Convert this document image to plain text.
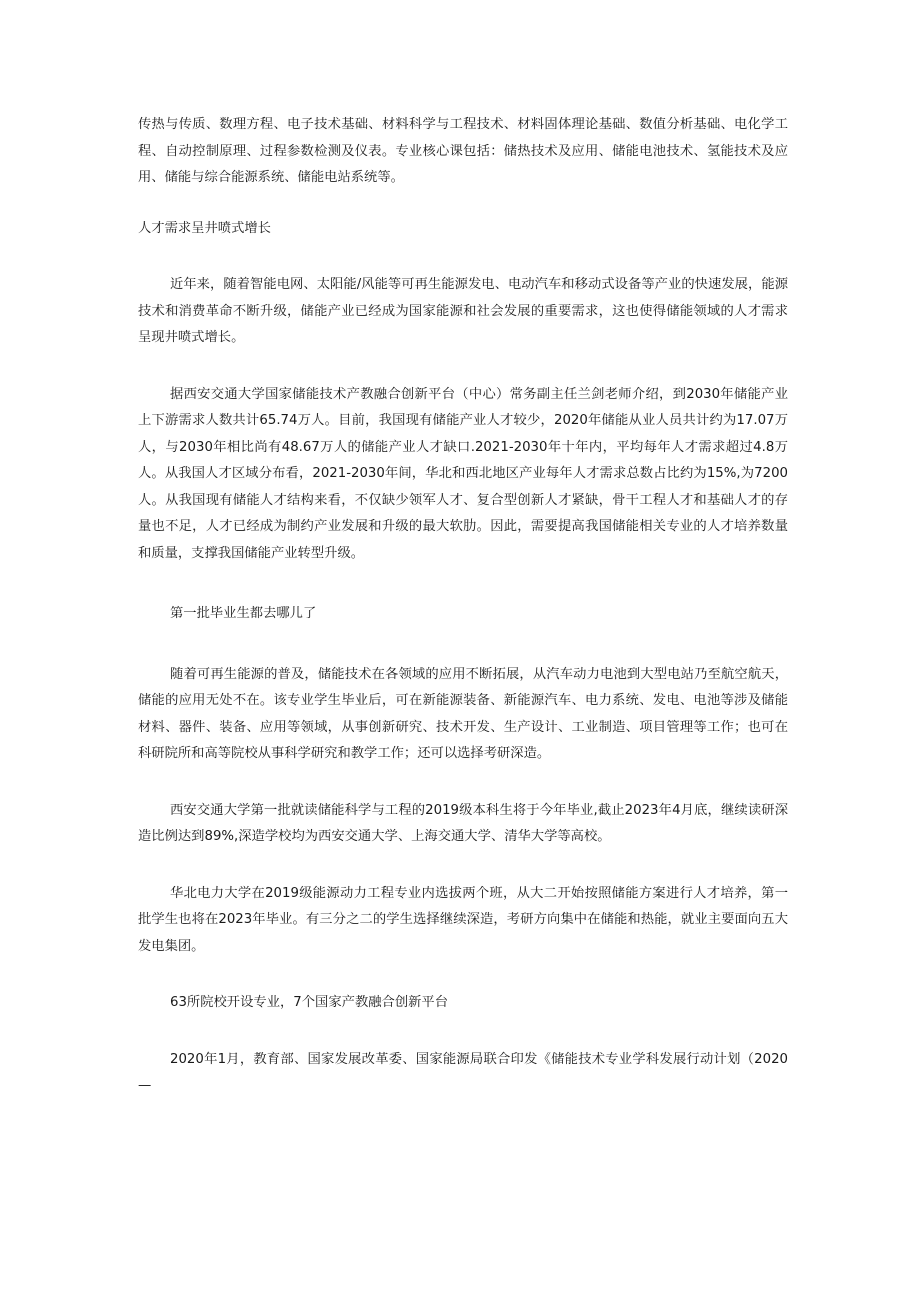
传热与传质、数理方程、电子技术基础、材料科学与工程技术、材料固体理论基础、数值分析基础、电化学工程、自动控制原理、过程参数检测及仪表。专业核心课包括：储热技术及应用、储能电池技术、氢能技术及应用、储能与综合能源系统、储能电站系统等。

人才需求呈井喷式增长

近年来，随着智能电网、太阳能/风能等可再生能源发电、电动汽车和移动式设备等产业的快速发展，能源技术和消费革命不断升级，储能产业已经成为国家能源和社会发展的重要需求，这也使得储能领域的人才需求呈现井喷式增长。

据西安交通大学国家储能技术产教融合创新平台（中心）常务副主任兰剑老师介绍，到2030年储能产业上下游需求人数共计65.74万人。目前，我国现有储能产业人才较少，2020年储能从业人员共计约为17.07万人，与2030年相比尚有48.67万人的储能产业人才缺口.2021-2030年十年内，平均每年人才需求超过4.8万人。从我国人才区域分布看，2021-2030年间，华北和西北地区产业每年人才需求总数占比约为15%,为7200人。从我国现有储能人才结构来看，不仅缺少领军人才、复合型创新人才紧缺，骨干工程人才和基础人才的存量也不足，人才已经成为制约产业发展和升级的最大软肋。因此，需要提高我国储能相关专业的人才培养数量和质量，支撑我国储能产业转型升级。

第一批毕业生都去哪儿了

随着可再生能源的普及，储能技术在各领域的应用不断拓展，从汽车动力电池到大型电站乃至航空航天，储能的应用无处不在。该专业学生毕业后，可在新能源装备、新能源汽车、电力系统、发电、电池等涉及储能材料、器件、装备、应用等领域，从事创新研究、技术开发、生产设计、工业制造、项目管理等工作；也可在科研院所和高等院校从事科学研究和教学工作；还可以选择考研深造。

西安交通大学第一批就读储能科学与工程的2019级本科生将于今年毕业,截止2023年4月底，继续读研深造比例达到89%,深造学校均为西安交通大学、上海交通大学、清华大学等高校。

华北电力大学在2019级能源动力工程专业内选拔两个班，从大二开始按照储能方案进行人才培养，第一批学生也将在2023年毕业。有三分之二的学生选择继续深造，考研方向集中在储能和热能，就业主要面向五大发电集团。

63所院校开设专业，7个国家产教融合创新平台

2020年1月，教育部、国家发展改革委、国家能源局联合印发《储能技术专业学科发展行动计划（2020—
